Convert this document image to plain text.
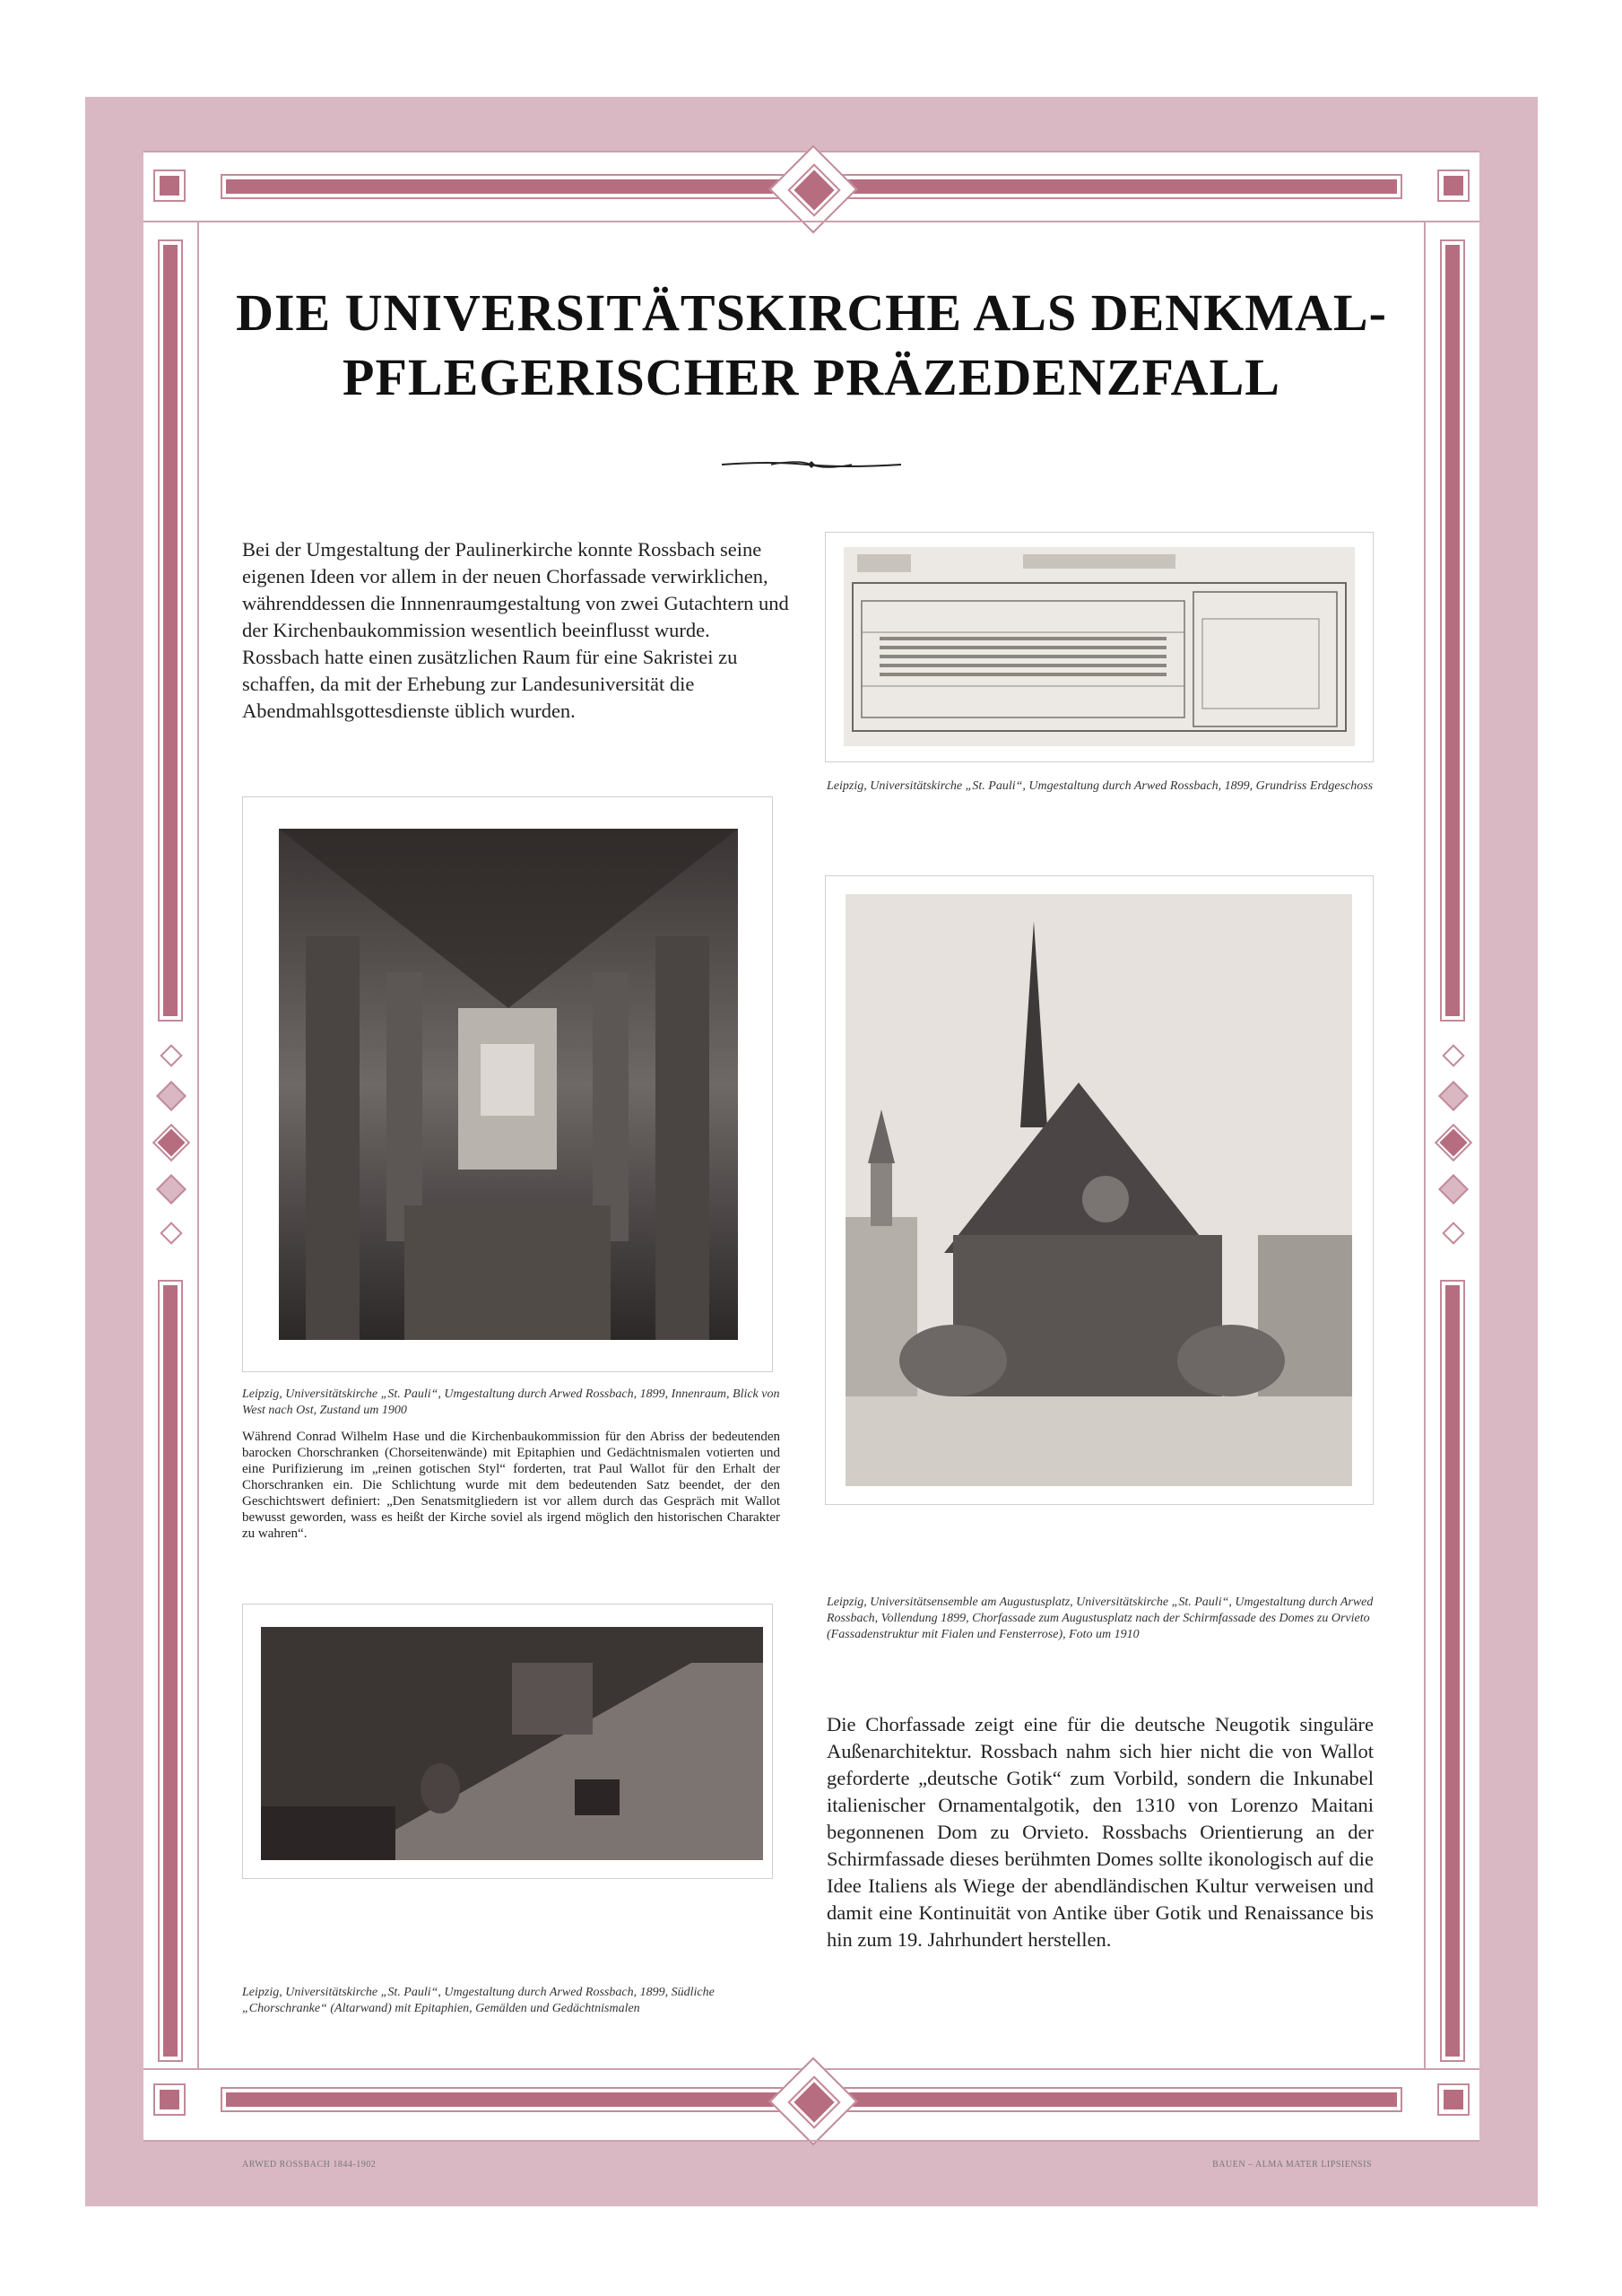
DIE UNIVERSITÄTSKIRCHE ALS DENKMAL-
PFLEGERISCHER PRÄZEDENZFALL

Bei der Umgestaltung der Paulinerkirche konnte Rossbach seine eigenen Ideen vor allem in der neuen Chorfassade verwirklichen, währenddessen die Innnenraumgestaltung von zwei Gutachtern und der Kirchenbaukommission wesentlich beeinflusst wurde.

Rossbach hatte einen zusätzlichen Raum für eine Sakristei zu schaffen, da mit der Erhebung zur Landesuniversität die Abendmahlsgottesdienste üblich wurden.

Leipzig, Universitätskirche „St. Pauli“, Umgestaltung durch Arwed Rossbach, 1899, Grundriss Erdgeschoss
Leipzig, Universitätskirche „St. Pauli“, Umgestaltung durch Arwed Rossbach, 1899, Innenraum, Blick von West nach Ost, Zustand um 1900
Während Conrad Wilhelm Hase und die Kirchenbaukommission für den Abriss der bedeutenden barocken Chorschranken (Chorseitenwände) mit Epitaphien und Gedächtnismalen votierten und eine Purifizierung im „reinen gotischen Styl“ forderten, trat Paul Wallot für den Erhalt der Chorschranken ein. Die Schlichtung wurde mit dem bedeutenden Satz beendet, der den Geschichtswert definiert: „Den Senatsmitgliedern ist vor allem durch das Gespräch mit Wallot bewusst geworden, wass es heißt der Kirche soviel als irgend möglich den historischen Charakter zu wahren“.
Leipzig, Universitätsensemble am Augustusplatz, Universitätskirche „St. Pauli“, Umgestaltung durch Arwed Rossbach, Vollendung 1899, Chorfassade zum Augustusplatz nach der Schirmfassade des Domes zu Orvieto (Fassadenstruktur mit Fialen und Fensterrose), Foto um 1910
Leipzig, Universitätskirche „St. Pauli“, Umgestaltung durch Arwed Rossbach, 1899, Südliche „Chorschranke“ (Altarwand) mit Epitaphien, Gemälden und Gedächtnismalen
Die Chorfassade zeigt eine für die deutsche Neugotik singuläre Außenarchitektur. Rossbach nahm sich hier nicht die von Wallot geforderte „deutsche Gotik“ zum Vorbild, sondern die Inkunabel italienischer Ornamentalgotik, den 1310 von Lorenzo Maitani begonnenen Dom zu Orvieto. Rossbachs Orientierung an der Schirmfassade dieses berühmten Domes sollte ikonologisch auf die Idee Italiens als Wiege der abendländischen Kultur verweisen und damit eine Kontinuität von Antike über Gotik und Renaissance bis hin zum 19. Jahrhundert herstellen.
ARWED ROSSBACH 1844-1902	BAUEN – ALMA MATER LIPSIENSIS
